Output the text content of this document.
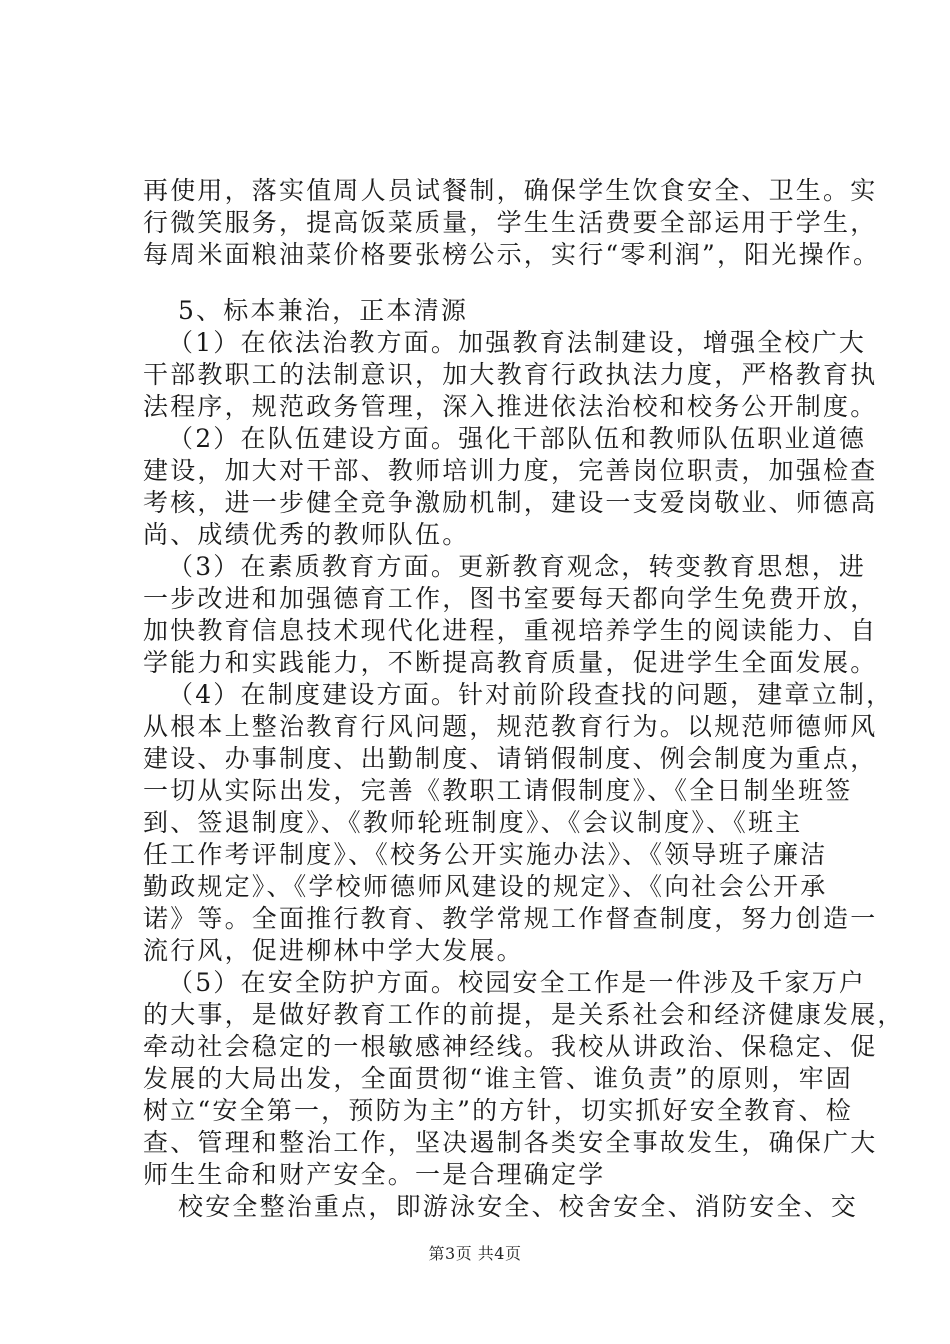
再使用，落实值周人员试餐制，确保学生饮食安全、卫生。实
行微笑服务，提高饭菜质量，学生生活费要全部运用于学生，
每周米面粮油菜价格要张榜公示，实行“零利润”，阳光操作。
5、标本兼治，正本清源
（1）在依法治教方面。加强教育法制建设，增强全校广大
干部教职工的法制意识，加大教育行政执法力度，严格教育执
法程序，规范政务管理，深入推进依法治校和校务公开制度。
（2）在队伍建设方面。强化干部队伍和教师队伍职业道德
建设，加大对干部、教师培训力度，完善岗位职责，加强检查
考核，进一步健全竞争激励机制，建设一支爱岗敬业、师德高
尚、成绩优秀的教师队伍。
（3）在素质教育方面。更新教育观念，转变教育思想，进
一步改进和加强德育工作，图书室要每天都向学生免费开放，
加快教育信息技术现代化进程，重视培养学生的阅读能力、自
学能力和实践能力，不断提高教育质量，促进学生全面发展。
（4）在制度建设方面。针对前阶段查找的问题，建章立制，
从根本上整治教育行风问题，规范教育行为。以规范师德师风
建设、办事制度、出勤制度、请销假制度、例会制度为重点，
一切从实际出发，完善《教职工请假制度》、《全日制坐班签
到、签退制度》、《教师轮班制度》、《会议制度》、《班主
任工作考评制度》、《校务公开实施办法》、《领导班子廉洁
勤政规定》、《学校师德师风建设的规定》、《向社会公开承
诺》等。全面推行教育、教学常规工作督查制度，努力创造一
流行风，促进柳林中学大发展。
（5）在安全防护方面。校园安全工作是一件涉及千家万户
的大事，是做好教育工作的前提，是关系社会和经济健康发展，
牵动社会稳定的一根敏感神经线。我校从讲政治、保稳定、促
发展的大局出发，全面贯彻“谁主管、谁负责”的原则，牢固
树立“安全第一，预防为主”的方针，切实抓好安全教育、检
查、管理和整治工作，坚决遏制各类安全事故发生，确保广大
师生生命和财产安全。一是合理确定学
校安全整治重点，即游泳安全、校舍安全、消防安全、交
第3页 共4页
